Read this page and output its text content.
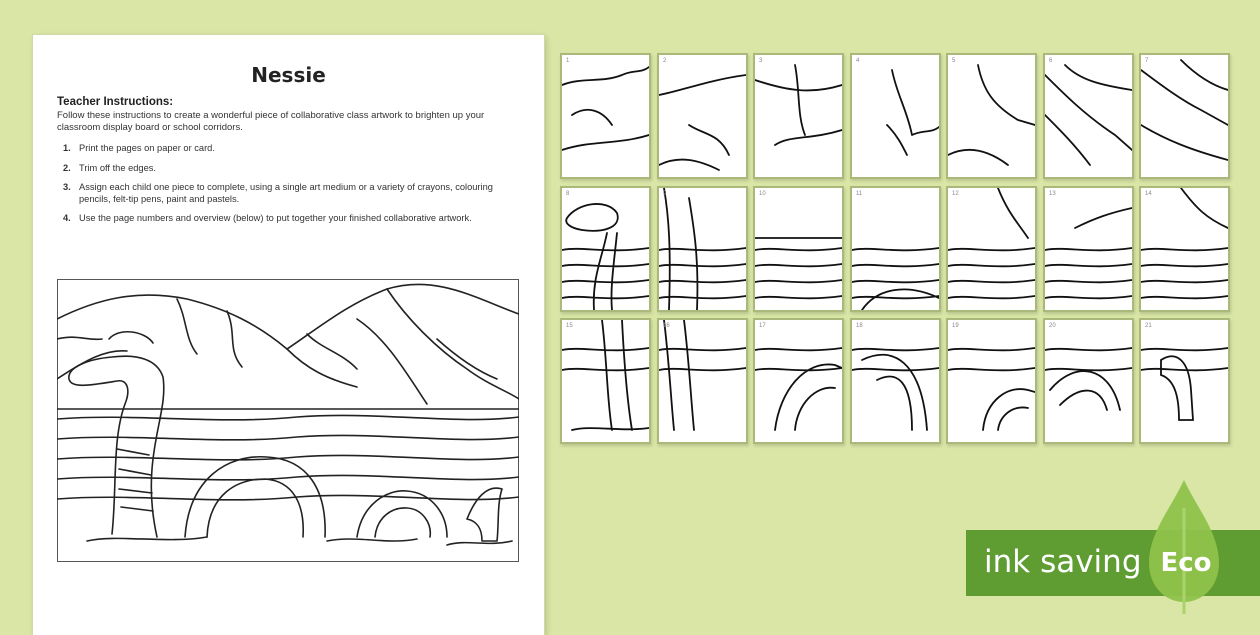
Nessie
Teacher Instructions:
Follow these instructions to create a wonderful piece of collaborative class artwork to brighten up your classroom display board or school corridors.
1. Print the pages on paper or card.
2. Trim off the edges.
3. Assign each child one piece to complete, using a single art medium or a variety of crayons, colouring pencils, felt-tip pens, paint and pastels.
4. Use the page numbers and overview (below) to put together your finished collaborative artwork.
1	2	3	4	5	6	7
8	9	10	11	12	13	14
15	16	17	18	19	20	21
ink saving Eco
